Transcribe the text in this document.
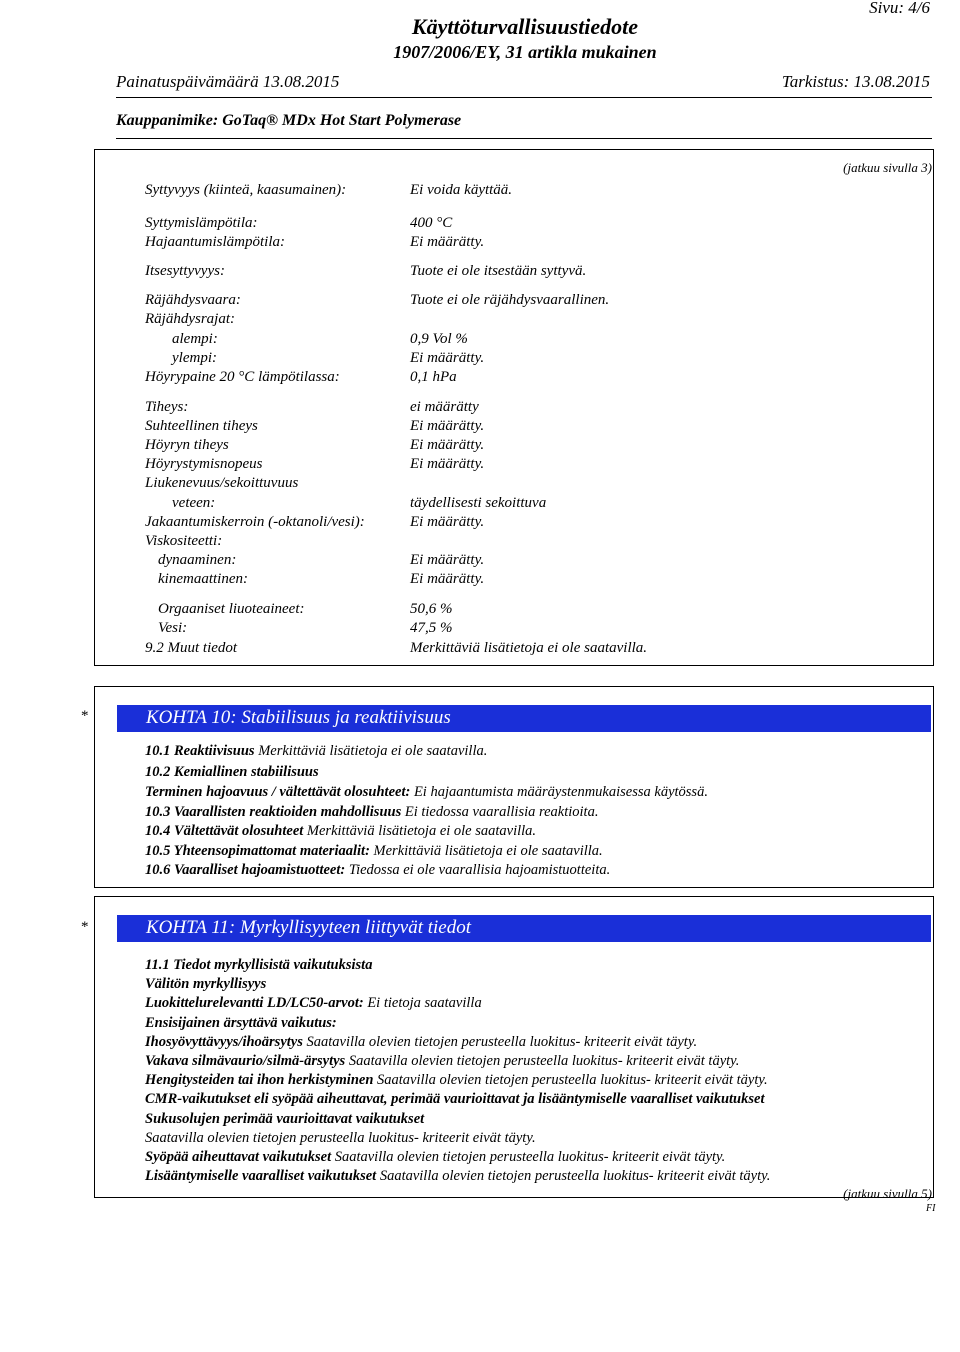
Sivu: 4/6
Käyttöturvallisuustiedote
1907/2006/EY, 31 artikla mukainen
Painatuspäivämäärä 13.08.2015	Tarkistus: 13.08.2015
Kauppanimike: GoTaq® MDx Hot Start Polymerase
(jatkuu sivulla 3)
Syttyvyys (kiinteä, kaasumainen):	Ei voida käyttää.
Syttymislämpötila:	400 °C
Hajaantumislämpötila:	Ei määrätty.
Itsesyttyvyys:	Tuote ei ole itsestään syttyvä.
Räjähdysvaara:	Tuote ei ole räjähdysvaarallinen.
Räjähdysrajat:
alempi:	0,9 Vol %
ylempi:	Ei määrätty.
Höyrypaine 20 °C lämpötilassa:	0,1 hPa
Tiheys:	ei määrätty
Suhteellinen tiheys	Ei määrätty.
Höyryn tiheys	Ei määrätty.
Höyrystymisnopeus	Ei määrätty.
Liukenevuus/sekoittuvuus
veteen:	täydellisesti sekoittuva
Jakaantumiskerroin (-oktanoli/vesi):	Ei määrätty.
Viskositeetti:
dynaaminen:	Ei määrätty.
kinemaattinen:	Ei määrätty.
Orgaaniset liuoteaineet:	50,6 %
Vesi:	47,5 %
9.2 Muut tiedot	Merkittäviä lisätietoja ei ole saatavilla.
*	KOHTA 10: Stabiilisuus ja reaktiivisuus
10.1 Reaktiivisuus Merkittäviä lisätietoja ei ole saatavilla.
10.2 Kemiallinen stabiilisuus
Terminen hajoavuus / vältettävät olosuhteet: Ei hajaantumista määräystenmukaisessa käytössä.
10.3 Vaarallisten reaktioiden mahdollisuus Ei tiedossa vaarallisia reaktioita.
10.4 Vältettävät olosuhteet Merkittäviä lisätietoja ei ole saatavilla.
10.5 Yhteensopimattomat materiaalit: Merkittäviä lisätietoja ei ole saatavilla.
10.6 Vaaralliset hajoamistuotteet: Tiedossa ei ole vaarallisia hajoamistuotteita.
*	KOHTA 11: Myrkyllisyyteen liittyvät tiedot
11.1 Tiedot myrkyllisistä vaikutuksista
Välitön myrkyllisyys
Luokittelurelevantti LD/LC50-arvot: Ei tietoja saatavilla
Ensisijainen ärsyttävä vaikutus:
Ihosyövyttävyys/ihoärsytys Saatavilla olevien tietojen perusteella luokitus- kriteerit eivät täyty.
Vakava silmävaurio/silmä-ärsytys Saatavilla olevien tietojen perusteella luokitus- kriteerit eivät täyty.
Hengitysteiden tai ihon herkistyminen Saatavilla olevien tietojen perusteella luokitus- kriteerit eivät täyty.
CMR-vaikutukset eli syöpää aiheuttavat, perimää vaurioittavat ja lisääntymiselle vaaralliset vaikutukset
Sukusolujen perimää vaurioittavat vaikutukset
Saatavilla olevien tietojen perusteella luokitus- kriteerit eivät täyty.
Syöpää aiheuttavat vaikutukset Saatavilla olevien tietojen perusteella luokitus- kriteerit eivät täyty.
Lisääntymiselle vaaralliset vaikutukset Saatavilla olevien tietojen perusteella luokitus- kriteerit eivät täyty.
(jatkuu sivulla 5)
FI
